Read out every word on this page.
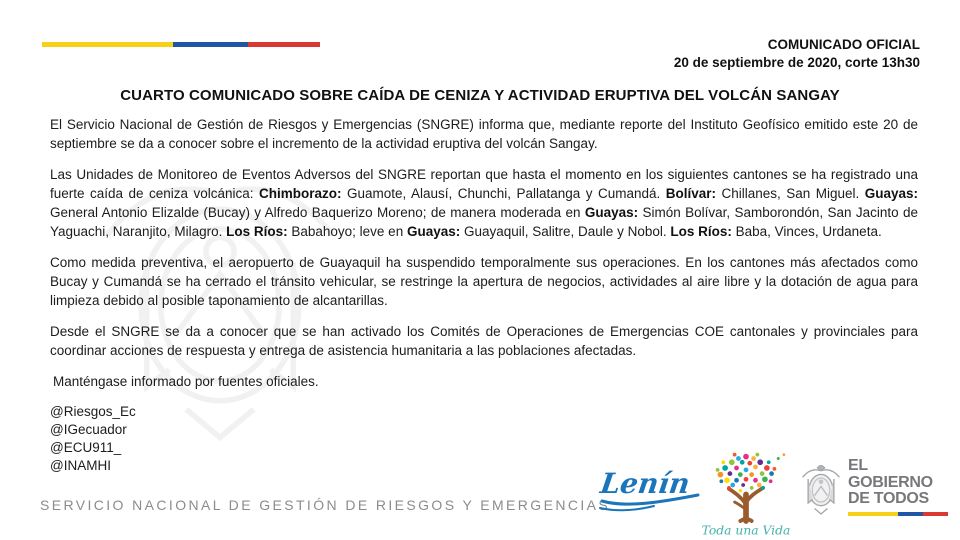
COMUNICADO OFICIAL
20 de septiembre de 2020, corte 13h30
CUARTO COMUNICADO SOBRE CAÍDA DE CENIZA Y ACTIVIDAD ERUPTIVA DEL VOLCÁN SANGAY

El Servicio Nacional de Gestión de Riesgos y Emergencias (SNGRE) informa que, mediante reporte del Instituto Geofísico emitido este 20 de septiembre se da a conocer sobre el incremento de la actividad eruptiva del volcán Sangay.

Las Unidades de Monitoreo de Eventos Adversos del SNGRE reportan que hasta el momento en los siguientes cantones se ha registrado una fuerte caída de ceniza volcánica: Chimborazo: Guamote, Alausí, Chunchi, Pallatanga y Cumandá. Bolívar: Chillanes, San Miguel. Guayas: General Antonio Elizalde (Bucay) y Alfredo Baquerizo Moreno; de manera moderada en Guayas: Simón Bolívar, Samborondón, San Jacinto de Yaguachi, Naranjito, Milagro. Los Ríos: Babahoyo; leve en Guayas: Guayaquil, Salitre, Daule y Nobol. Los Ríos: Baba, Vinces, Urdaneta.

Como medida preventiva, el aeropuerto de Guayaquil ha suspendido temporalmente sus operaciones. En los cantones más afectados como Bucay y Cumandá se ha cerrado el tránsito vehicular, se restringe la apertura de negocios, actividades al aire libre y la dotación de agua para limpieza debido al posible taponamiento de alcantarillas.

Desde el SNGRE se da a conocer que se han activado los Comités de Operaciones de Emergencias COE cantonales y provinciales para coordinar acciones de respuesta y entrega de asistencia humanitaria a las poblaciones afectadas.

Manténgase informado por fuentes oficiales.

@Riesgos_Ec
@IGecuador
@ECU911_
@INAMHI
SERVICIO NACIONAL DE GESTIÓN DE RIESGOS Y EMERGENCIAS
Lenín
Toda una Vida
EL
GOBIERNO
DE TODOS
